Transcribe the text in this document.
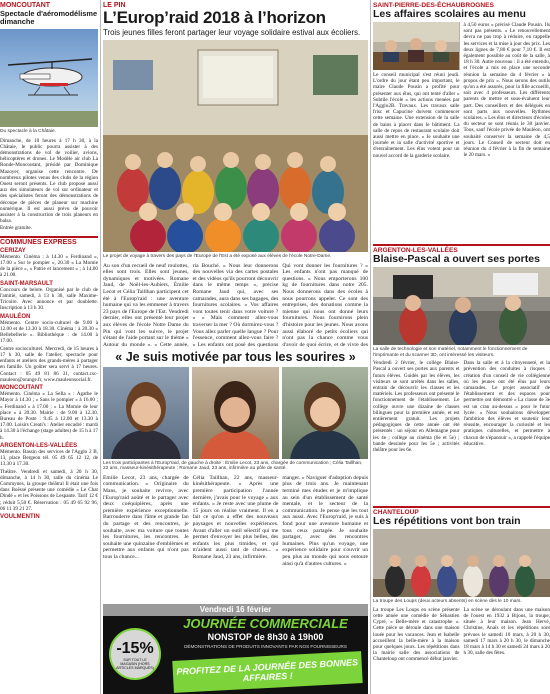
MONCOUTANT
Spectacle d'aéromodélisme dimanche
Du spectacle à la Châtaie.

Dimanche, de 10 heures à 17 h 30, à la Châtaie, le public pourra assister à des démonstrations de vol de voilier, avions, hélicoptères et drones. Le Modèle air club La Ronde-Moncoutant, présidé par Dominique Mazoyer, organise cette rencontre. De nombreux pilotes venus des clubs de la région Ouest seront présents. Le club propose aussi aux des simulateurs de vol sur ordinateur et des spécialistes feront des démonstrations de découpe de pièces de planeur sur machine numérique. Il est aussi prévu de pouvoir assister à la construction de trois planeurs en balsa.

Entrée gratuite.

COMMUNES EXPRESS
CERIZAY

Mémento. Cinéma : à 14.30 « Ferdinand », 17.00 « Sur le pompier », 20.30 « La Momie de la pièce », « Patrie et lancement » ; à 14.00 à 21.00.

SAINT-MARSAULT

Concours de belote. Organisé par le club de l'amitié, samedi, à 13 h 30, salle Maxime-Tricoire. Avec annonce et par doublette. Inscription à 13 h 30.

MAULÉON

Mémento. Centre socio-culturel de 9.00 à 12.00 et de 13.30 à 18.30. Cinéma : à 20.30 « Bellebellerie ». Bibliothèque : de 14.00 à 17.00.

Centre socioculturel. Mercredi, de 15 heures à 17 h 30, salle de l'atelier, spectacle pour enfants et ateliers des grands-mères à partager en famille. Un goûter sera servi à 17 heures. Contact : 05 49 81 86 31, contact.csc-mauleon@orange.fr, www.mauleonsocial.fr.

MONCOUTANT

Mémento. Cinéma « La Sella » : Agathe le Mayor à 14.30 ; « Sans le pompier » à 16.00 ; « Ferdinand » à 17.00 ; « La Momie de leur place » à 20.30. Mairie : de 9.00 à 12.30. Bureau de Poste : 9.45 à 12.00 et 13.30 à 17.00. Loisirs Creati's : Atelier encadré : mardi à 14.30 à l'échange (stage adultes) de 15 h à 17 h.

ARGENTON-LES-VALLÉES

Mémento. Bassin des services de l'Agglo 2 B, 13, place Bergeon tél. 05 49 65 12 12, de 13.30 à 17.30.

Théâtre. Vendredi et samedi, à 20 h 30, dimanche, à 14 h 30, salle du cinéma Le Commynes, la groupe théâtral Il était une fois dans Boëssé présente une comédie « Le Chat Dindé » et les Poissons de Lespante. Tarif 12 € ; réduit 5,50 €. Réservation : 05 49 65 92 96, 06 11 39 21 27.

VOULMENTIN
LE PIN
L’Europ’raid 2018 à l’horizon
Trois jeunes filles feront partager leur voyage solidaire estival aux écoliers.
Le projet de voyage à travers des pays de l'Europe de l'Est a été exposé aux élèves de l'école Notre-Dame.
Au son d'un recueil de neuf roulottes, elles sont trois. Elles sont jeunes, dynamiques et motivées. Romane Jaud, de Noël-les-Aubiers, Émilie Lecot et Célia Taillhan participent cet été à l'Europ'raid : une aventure humaine qui va les emmener à travers 23 pays de l'Europe de l'Est. Vendredi dernier, elles ont présenté leur projet aux élèves de l'école Notre Dame du Pin qui vont les suivre, le projet s'étant de l'aide portant sur le thème « Autour du monde ». « Cette année,
ria Bouché. « Nous leur donnerons des nouvelles via des cartes postales et des vidéos qu'ils pourront découvrir dans le même temps », précise Romane Jaud qui, avec ses camarades, aura dans ses bagages, des fournitures scolaires. « Vos affaires vont toutes tenir dans votre voiture ? » « Mais comment allez-vous traverser la mer ? Où dormirez-vous ? Vous allez parler quelle langue ? Pour l'essence, comment allez-vous faire ? » Les enfants ont posé des questions
Qui vont donner les fournitures ? » Les enfants n'ont pas manqué de questions. « Nous emporterons 100 kg de fournitures dans notre 205. Nous donnerons dans des écoles à nous pourrons appeler. Ce sont des entreprises, des donations comme la mienne qui nous ont donné leurs fournitures. Nous fournirons plein d'histoire pour les jeunes. Nous avons aussi élaboré de petits écoliers qui n'ont pas la chance comme vous d'avoir de quoi écrire, et de vivre des
« Je suis motivée par tous les sourires »
Les trois participantes à l'Europ'raid, de gauche à droite : Émilie Lecot, 23 ans, chargée de communication ; Célia Taillhan, 22 ans, masseur-kinésithérapeute ; Romane Jaud, 23 ans, infirmière au pôle de santé.
Émilie Lecot, 23 ans, chargée de communication. « Originaire du Mans, je souhaite revivre, avec l'Europ'raid aoûté et le partager avec deux coéquipières, après une première expérience exceptionnelle. Barrouderre dans l'âme et grande fan du partage et des rencontres, je souhaite, avec ma voiture que toutes les fournitures, les rencontres. Je souhaite une quinzaine d'emblèmes et permettre aux enfants qui n'ont pas tous la chance...
Célia Taillhan, 22 ans, masseur-kinésithérapeute. « Après une première participation l'année dernière, j'avais pour le voyage » aux enfants. « Je reste avec une plume de 15 jours on réalise vraiment. Il en a fait ce qu'on a effet des nouveaux paysages et nouvelles expériences. Avant d'aller un outil sélectif qui me permet d'envoyer les plus belles, des enfants les plus timides, et qui m'aident aussi tant de choses... » Romane Jaud, 23 ans, infirmière.
manger. « Naviguer d'adoption depuis plus de trois ans. Je maintenant terminé mes études et je m'implique au sein d'un établissement de santé mentale, et le secteur de la communication. Je pense que les tout aux aussi. Avec l'Europ'raid, je suis à fond pour une aventure humaine et tous ceux partagée. Je souhaite partager, avec des rencontres humaines. Plus qu'un voyage, une expérience solidaire pour s'ouvrir un peu plus au monde qui nous entoure ainsi qu'à d'autres cultures. »
Vendredi 16 février
JOURNÉE COMMERCIALE
NONSTOP de 8h30 à 19h00
DÉMONSTRATIONS DE PRODUITS INNOVANTS PAR NOS FOURNISSEURS
-15%
SUR TOUT LE MAGASIN (HORS ARTICLES MARQUÉS)	PROFITEZ DE LA JOURNÉE DES BONNES AFFAIRES !
SAINT-PIERRE-DES-ÉCHAUBROGNES
Les affaires scolaires au menu
Le conseil municipal s'est réuni jeudi. L'ordre du jour étant peu important, le maire Claude Pousin a profité pour présenter aux élus, qui ont tenté d'aller « Subtile l'école » les actions menées par l'Agglo2B. Travaux. Les travaux salle frisc et Capucine doivent commencer cette semaine. Une extension de la salle de bains à placer dans le bâtiment. La salle de repos de restaurant scolaire doit aussi mettre en place. « Je souhaite une journée et la salle d'activité sportive et d'entraînement. Les élus votent pour un nouvel accord de la garderie scolaire.
à 4,50 euros « précisé Claude Pousin. Ils sont pas présents. » Le renouvellement devra ne pas trop à réduire, en rappelle les services et la mise à jour des prix. Les deux lignes de 7,80 € pour 7,10 €. Il est également possible au coût de la salle, à 18 h 30. Autre nouveau : il a été entendu, et l'école a mis en place une seconde réunion la semaine du 4 février « à propos de prix ». Nous serons des outils qu'on a été assurés, pour la fille accueilli, soit avec 4 professeurs. Les différents parents de mettre et sous-évaluent leur part. Des conseillers et des délégués en sont parts aux nouvelles. Rythmes scolaires. « Les élus et directeurs d'écoles du secteur se sont réunis le 30 janvier. Tous, sauf l'école privée de Mauléon, ont souhaité conserver la semaine de 4,5 jours. Le Conseil de secteur doit en réunion du 4 février à la fin de semaine le 20 mars. »
ARGENTON-LES-VALLÉES
Blaise-Pascal a ouvert ses portes
La salle de technologie et son matériel, notamment le fonctionnement de l'imprimante et du scanner 3D, ont intéressé les visiteurs.
Vendredi 2 février, le collège Blaise-Pascal a ouvert ses portes aux parents et futurs élèves. Guidés par les élèves, les visiteurs se sont arrêtés dans les salles, entrain de découvrir les classes et les matériels. Les professeurs ont présenté le fonctionnement de l'établissement. Le collège ouvre une dizaine de classes bilingues pour la première année, et est entièrement gratuit. Les projets pédagogiques de cette année ont été présentés : un séjour en Allemagne pour les 4e ; collège au cinéma (6e et 5e) ; bande dessinée pour les 5e ; activités théâtre pour les 6e.
Dans la salle et à la citoyenneté, et la prévention des conduites à risques : création d'un conseil de vie collégienne où les jeunes ont été élus par leurs camarades. Le projet associatif de l'établissement et des espaces pour permettre ont démontré « La classe de 3e est un cran au-dessus » pour le futur lycée. « Nous souhaitons développer l'ambition des élèves et soutenir leur réussite, encourager la curiosité et les pratiques culturelles, et permettre à chacun de s'épanouir », a rappelé l'équipe éducative.
CHANTELOUP
Les répétitions vont bon train
La troupe des Loups (deux acteurs absents) en scène dès le 10 mars.
La troupe Les Loups en scène présente cette année une comédie de Sébastien Cypré, « Belle-mère et catastrophe ». Cette pièce se déroule dans une maison louée pour les vacances. Jean et Isabelle accueillent la belle-mère à la maison pour quelques jours. Les répétitions dans la mairie salle des associations de Chanteloup ont commencé début janvier.
La scène se déroulant dans une maison de l'ouest en 1932 à Bijous, la troupe, située à leur maison. Jean Hervé, Christine, Anaïs et les répétitions sont prévues le samedi 10 mars, à 20 h 30, samedi 17 mars à 20 h 30, le dimanche 18 mars à 14 h 30 et samedi 24 mars à 20 h 30, salle des fêtes.
